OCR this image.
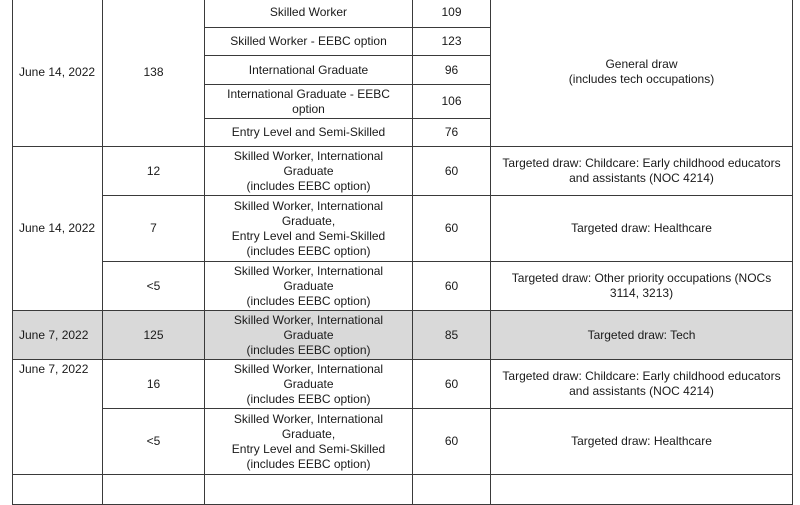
June 14, 2022	138	Skilled Worker	109	General draw
(includes tech occupations)
		Skilled Worker - EEBC option	123	
		International Graduate	96	
		International Graduate - EEBC
option	106	
		Entry Level and Semi-Skilled	76	
June 14, 2022	12	Skilled Worker, International
Graduate
(includes EEBC option)	60	Targeted draw: Childcare: Early childhood educators
and assistants (NOC 4214)
	7	Skilled Worker, International
Graduate,
Entry Level and Semi-Skilled
(includes EEBC option)	60	Targeted draw: Healthcare
	<5	Skilled Worker, International
Graduate
(includes EEBC option)	60	Targeted draw: Other priority occupations (NOCs
3114, 3213)
June 7, 2022	125	Skilled Worker, International
Graduate
(includes EEBC option)	85	Targeted draw: Tech
June 7, 2022	16	Skilled Worker, International
Graduate
(includes EEBC option)	60	Targeted draw: Childcare: Early childhood educators
and assistants (NOC 4214)
	<5	Skilled Worker, International
Graduate,
Entry Level and Semi-Skilled
(includes EEBC option)	60	Targeted draw: Healthcare
